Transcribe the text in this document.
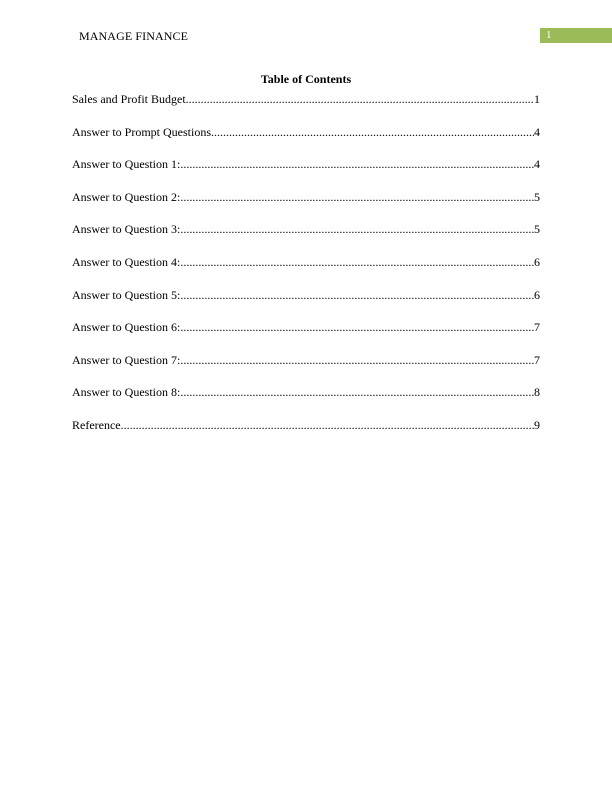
MANAGE FINANCE	1
Table of Contents
Sales and Profit Budget .....	1
Answer to Prompt Questions .....	4
Answer to Question 1: .....	4
Answer to Question 2: .....	5
Answer to Question 3: .....	5
Answer to Question 4: .....	6
Answer to Question 5: .....	6
Answer to Question 6: .....	7
Answer to Question 7: .....	7
Answer to Question 8: .....	8
Reference .....	9
